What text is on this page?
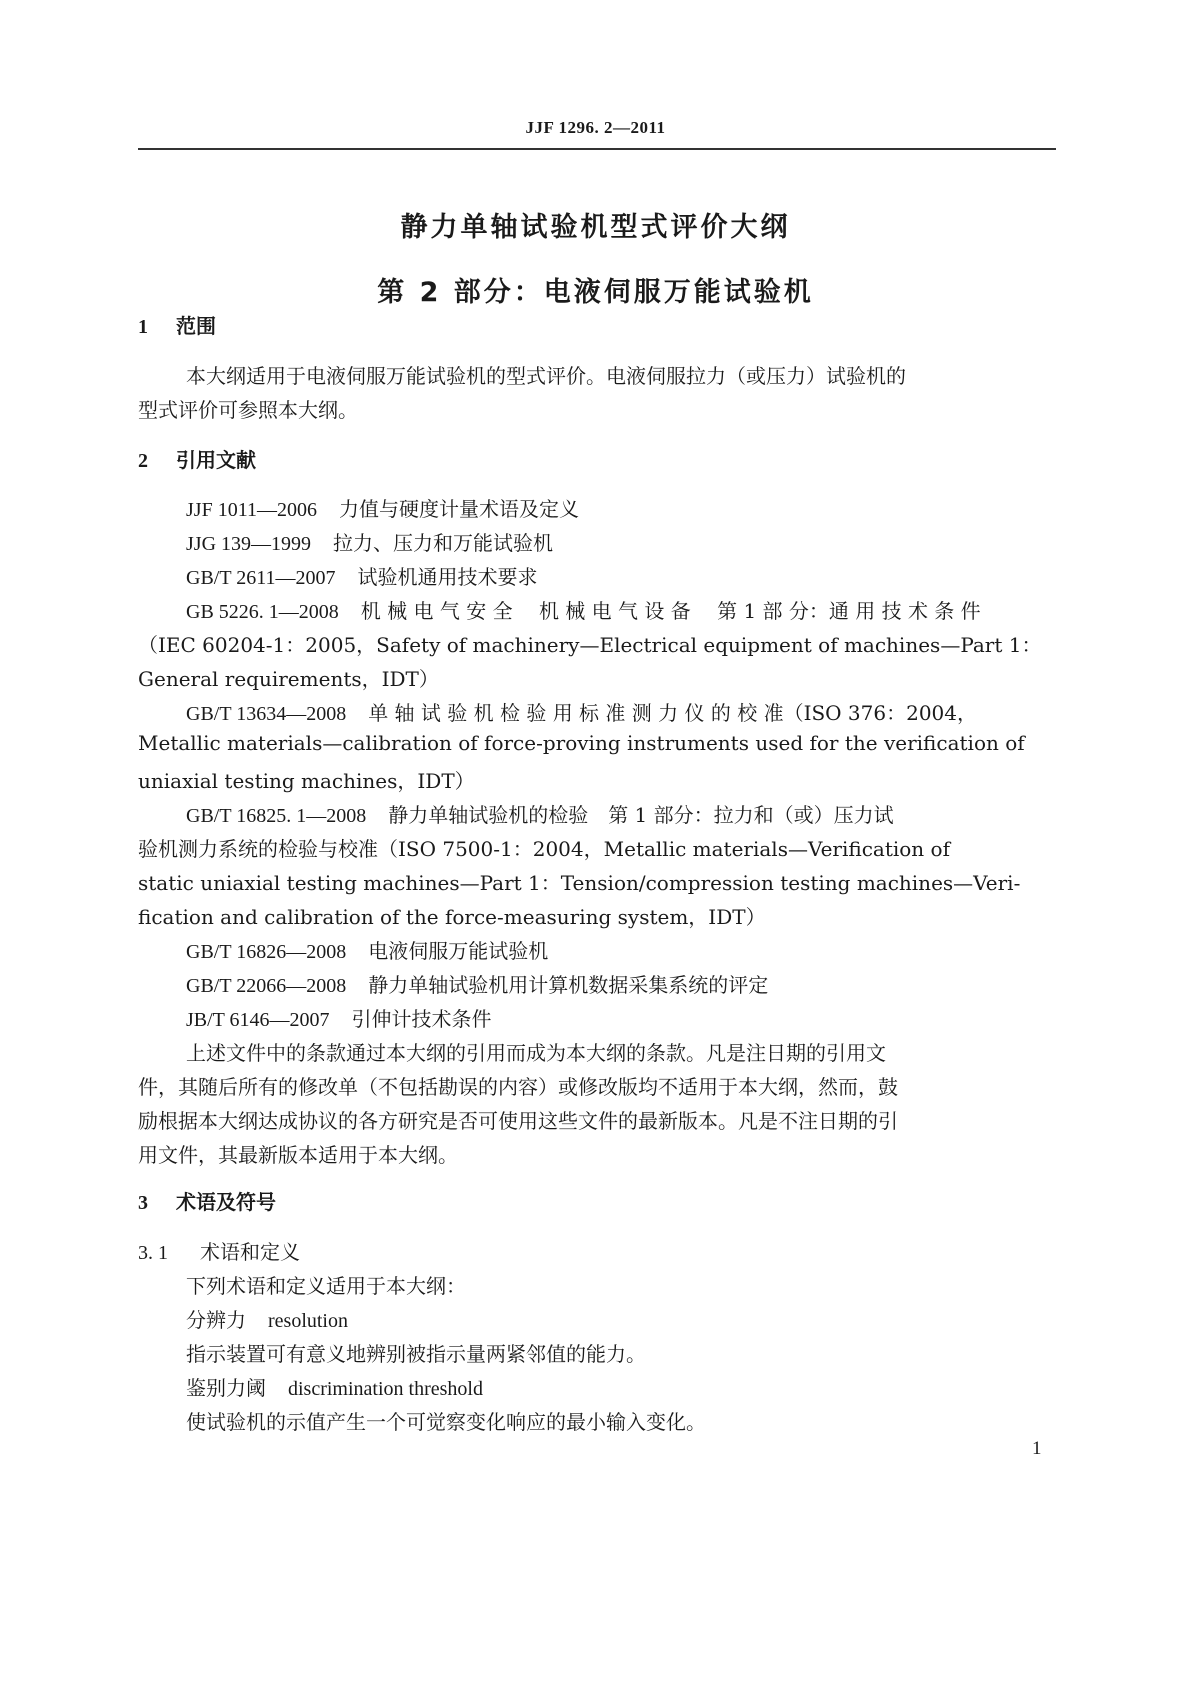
JJF 1296. 2—2011
静力单轴试验机型式评价大纲
第 2 部分：电液伺服万能试验机
1 范围
本大纲适用于电液伺服万能试验机的型式评价。电液伺服拉力（或压力）试验机的
型式评价可参照本大纲。
2 引用文献
JJF 1011—2006 力值与硬度计量术语及定义
JJG 139—1999 拉力、压力和万能试验机
GB/T 2611—2007 试验机通用技术要求
GB 5226. 1—2008 机 械 电 气 安 全　 机 械 电 气 设 备　 第 1 部 分：通 用 技 术 条 件
（IEC 60204-1：2005，Safety of machinery—Electrical equipment of machines—Part 1：
General requirements，IDT）
GB/T 13634—2008 单 轴 试 验 机 检 验 用 标 准 测 力 仪 的 校 准（ISO 376：2004，
Metallic materials—calibration of force-proving instruments used for the verification of
uniaxial testing machines，IDT）
GB/T 16825. 1—2008 静力单轴试验机的检验　第 1 部分：拉力和（或）压力试
验机测力系统的检验与校准（ISO 7500-1：2004，Metallic materials—Verification of
static uniaxial testing machines—Part 1：Tension/compression testing machines—Veri-
fication and calibration of the force-measuring system，IDT）
GB/T 16826—2008 电液伺服万能试验机
GB/T 22066—2008 静力单轴试验机用计算机数据采集系统的评定
JB/T 6146—2007 引伸计技术条件
上述文件中的条款通过本大纲的引用而成为本大纲的条款。凡是注日期的引用文
件，其随后所有的修改单（不包括勘误的内容）或修改版均不适用于本大纲，然而，鼓
励根据本大纲达成协议的各方研究是否可使用这些文件的最新版本。凡是不注日期的引
用文件，其最新版本适用于本大纲。
3 术语及符号
3. 1 术语和定义
下列术语和定义适用于本大纲：
分辨力 resolution
指示装置可有意义地辨别被指示量两紧邻值的能力。
鉴别力阈 discrimination threshold
使试验机的示值产生一个可觉察变化响应的最小输入变化。
1
